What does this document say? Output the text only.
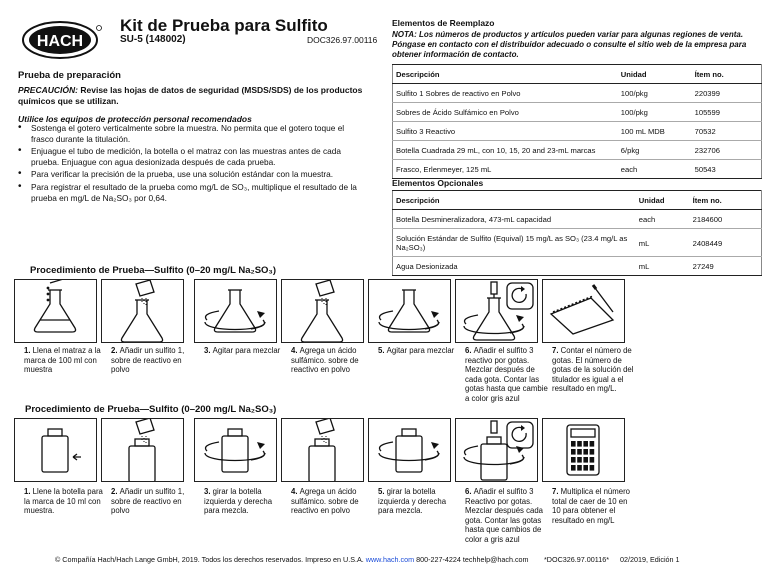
HACH
Kit de Prueba para Sulfito
SU-5 (148002)	DOC326.97.00116
Prueba de preparación
PRECAUCIÓN: Revise las hojas de datos de seguridad (MSDS/SDS) de los productos químicos que se utilizan.
Utilice los equipos de protección personal recomendados
• Sostenga el gotero verticalmente sobre la muestra. No permita que el gotero toque el frasco durante la titulación.
• Enjuague el tubo de medición, la botella o el matraz con las muestras antes de cada prueba. Enjuague con agua desionizada después de cada prueba.
• Para verificar la precisión de la prueba, use una solución estándar con la muestra.
• Para registrar el resultado de la prueba como mg/L de SO₃, multiplique el resultado de la prueba en mg/L de Na₂SO₃ por 0,64.
Elementos de Reemplazo
NOTA: Los números de productos y artículos pueden variar para algunas regiones de venta. Póngase en contacto con el distribuidor adecuado o consulte el sitio web de la empresa para obtener información de contacto.
Descripción	Unidad	Ítem no.
Sulfito 1 Sobres de reactivo en Polvo	100/pkg	220399
Sobres de Ácido Sulfámico en Polvo	100/pkg	105599
Sulfito 3 Reactivo	100 mL MDB	70532
Botella Cuadrada 29 mL, con 10, 15, 20 and 23-mL marcas	6/pkg	232706
Frasco, Erlenmeyer, 125 mL	each	50543
Elementos Opcionales
Descripción	Unidad	Ítem no.
Botella Desmineralizadora, 473-mL capacidad	each	2184600
Solución Estándar de Sulfito (Equival) 15 mg/L as SO₃ (23.4 mg/L as Na₂SO₃)	mL	2408449
Agua Desionizada	mL	27249
Procedimiento de Prueba—Sulfito (0–20 mg/L Na₂SO₃)
1. Llena el matraz a la marca de 100 ml con muestra
2. Añadir un sulfito 1, sobre de reactivo en polvo
3. Agitar para mezclar	4. Agrega un ácido sulfámico. sobre de reactivo en polvo
5. Agitar para mezclar	6. Añadir el sulfito 3 reactivo por gotas. Mezclar después de cada gota. Contar las gotas hasta que cambie a color gris azul
7. Contar el número de gotas. El número de gotas de la solución del titulador es igual a el resultado en mg/L.
Procedimiento de Prueba—Sulfito (0–200 mg/L Na₂SO₃)
1. Llene la botella para la marca de 10 ml con muestra.
2. Añadir un sulfito 1, sobre de reactivo en polvo
3. girar la botella izquierda y derecha para mezcla.
4. Agrega un ácido sulfámico. sobre de reactivo en polvo
5. girar la botella izquierda y derecha para mezcla.
6. Añadir el sulfito 3 Reactivo por gotas. Mezclar después cada gota. Contar las gotas hasta que cambios de color a gris azul
7. Multiplica el número total de caer de 10 en 10 para obtener el resultado en mg/L
© Compañía Hach/Hach Lange GmbH, 2019. Todos los derechos reservados. Impreso en U.S.A. www.hach.com 800-227-4224 techhelp@hach.com *DOC326.97.00116* 02/2019, Edición 1
